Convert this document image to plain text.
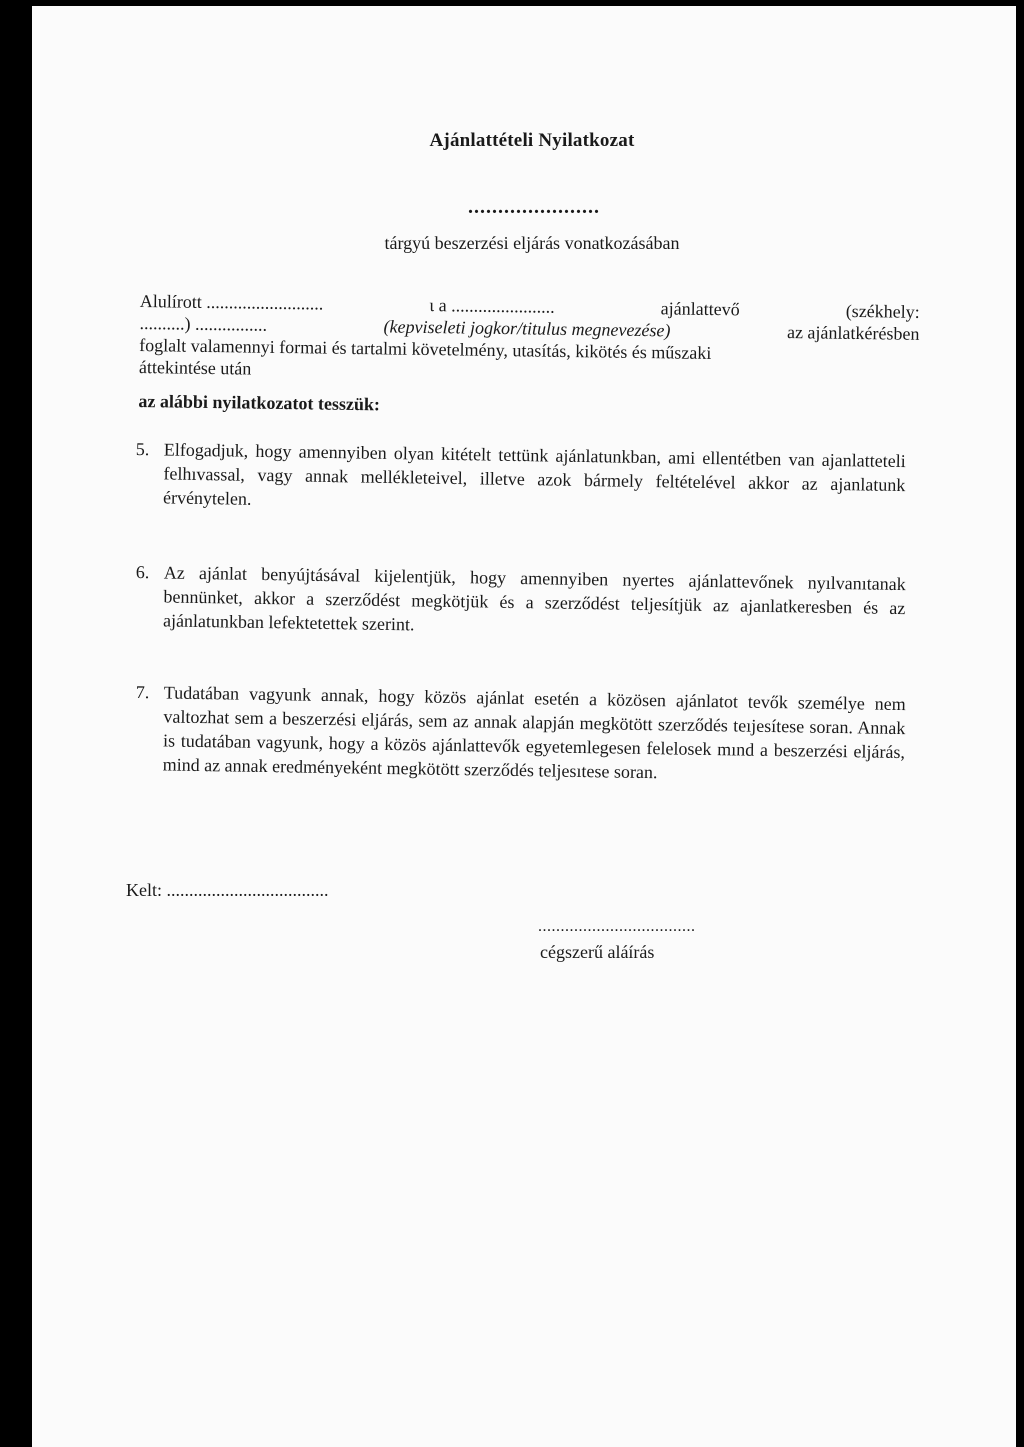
Ajánlattételi Nyilatkozat
......................
tárgyú beszerzési eljárás vonatkozásában
Alulírott ..........................	ι a .......................	ajánlattevő	(székhely:
..........) ................	(kepviseleti jogkor/titulus megnevezése)	az ajánlatkérésben
foglalt valamennyi formai és tartalmi követelmény, utasítás, kikötés és műszaki
áttekintése után
az alábbi nyilatkozatot tesszük:
5. Elfogadjuk, hogy amennyiben olyan kitételt tettünk ajánlatunkban, ami ellentétben van ajanlatteteli felhıvassal, vagy annak mellékleteivel, illetve azok bármely feltételével akkor az ajanlatunk érvénytelen.
6. Az ajánlat benyújtásával kijelentjük, hogy amennyiben nyertes ajánlattevőnek nyılvanıtanak bennünket, akkor a szerződést megkötjük és a szerződést teljesítjük az ajanlatkeresben és az ajánlatunkban lefektetettek szerint.
7. Tudatában vagyunk annak, hogy közös ajánlat esetén a közösen ajánlatot tevők személye nem valtozhat sem a beszerzési eljárás, sem az annak alapján megkötött szerződés teıjesítese soran. Annak is tudatában vagyunk, hogy a közös ajánlattevők egyetemlegesen felelosek mınd a beszerzési eljárás, mind az annak eredményeként megkötött szerződés teljesıtese soran.
Kelt: ....................................
...................................
cégszerű aláírás
